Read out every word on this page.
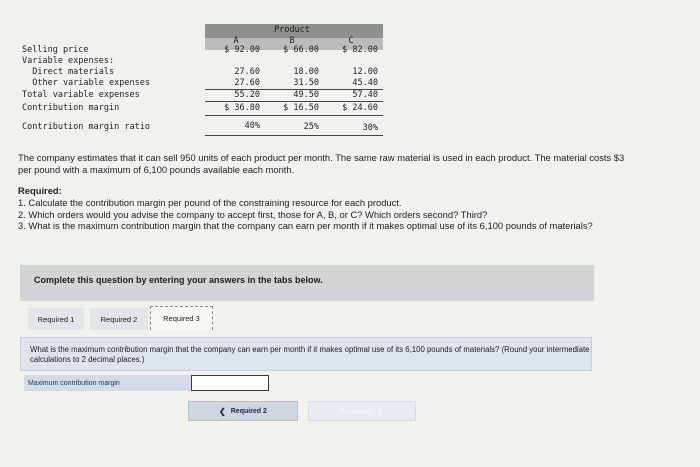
Product
A	B	C
Selling price	$ 92.00	$ 66.00	$ 82.00
Variable expenses:
Direct materials	27.60	18.00	12.00
Other variable expenses	27.60	31.50	45.40
Total variable expenses	55.20	49.50	57.40
Contribution margin	$ 36.80	$ 16.50	$ 24.60
Contribution margin ratio	40%	25%	30%
The company estimates that it can sell 950 units of each product per month. The same raw material is used in each product. The material costs $3 per pound with a maximum of 6,100 pounds available each month.
Required:
1. Calculate the contribution margin per pound of the constraining resource for each product.
2. Which orders would you advise the company to accept first, those for A, B, or C? Which orders second? Third?
3. What is the maximum contribution margin that the company can earn per month if it makes optimal use of its 6,100 pounds of materials?
Complete this question by entering your answers in the tabs below.
Required 1	Required 2	Required 3
What is the maximum contribution margin that the company can earn per month if it makes optimal use of its 6,100 pounds of materials? (Round your intermediate calculations to 2 decimal places.)
Maximum contribution margin
❮ Required 2	Required 3 ❯
